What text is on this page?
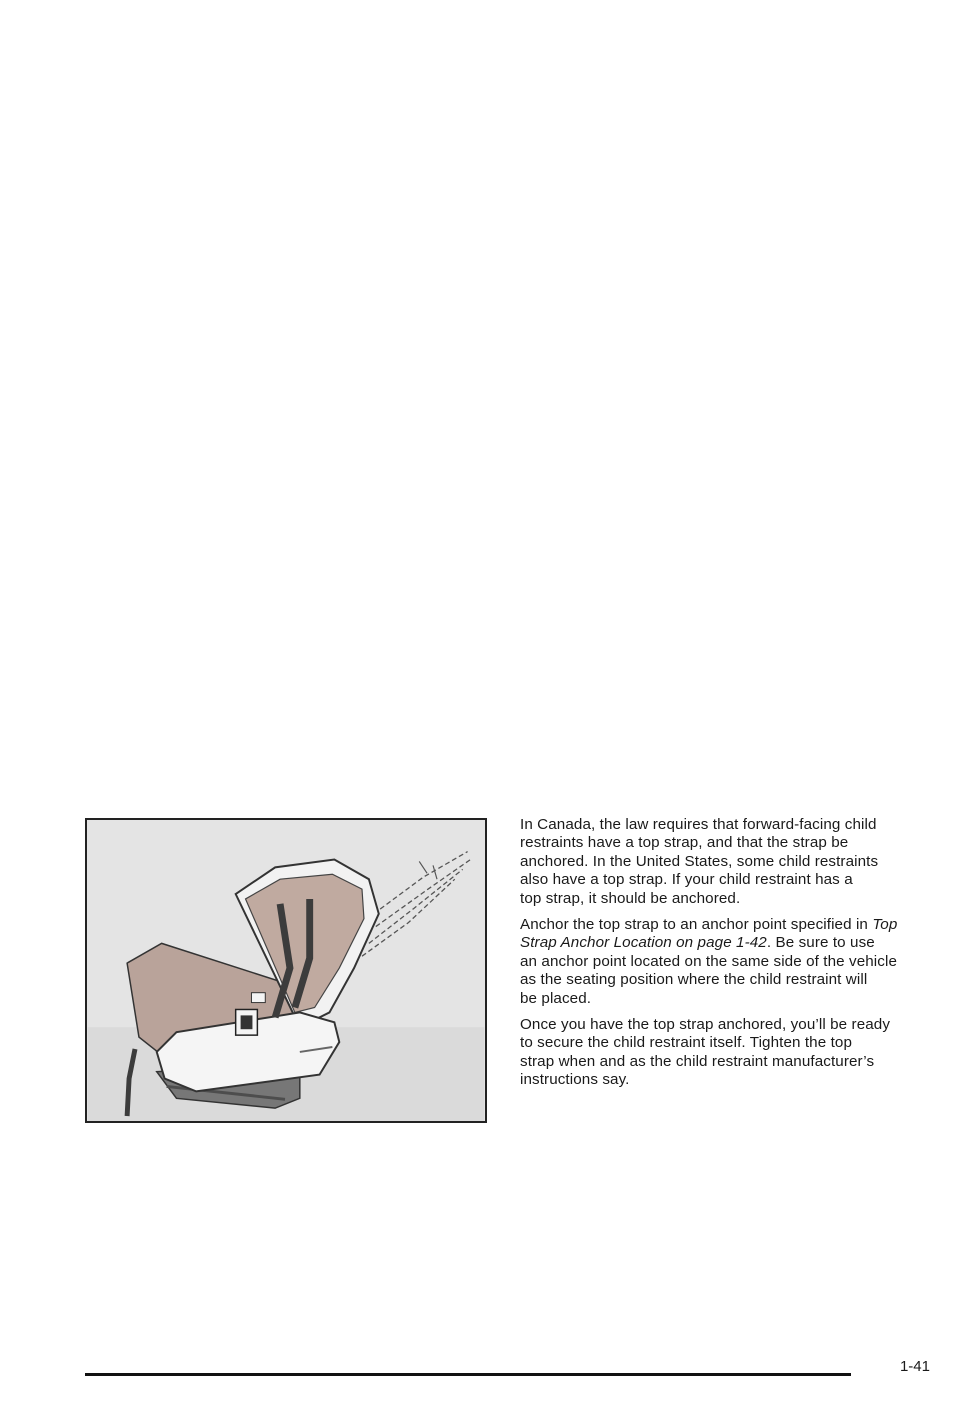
In Canada, the law requires that forward-facing child
restraints have a top strap, and that the strap be
anchored. In the United States, some child restraints
also have a top strap. If your child restraint has a
top strap, it should be anchored.

Anchor the top strap to an anchor point specified in Top
Strap Anchor Location on page 1-42. Be sure to use
an anchor point located on the same side of the vehicle
as the seating position where the child restraint will
be placed.

Once you have the top strap anchored, you’ll be ready
to secure the child restraint itself. Tighten the top
strap when and as the child restraint manufacturer’s
instructions say.

1-41
